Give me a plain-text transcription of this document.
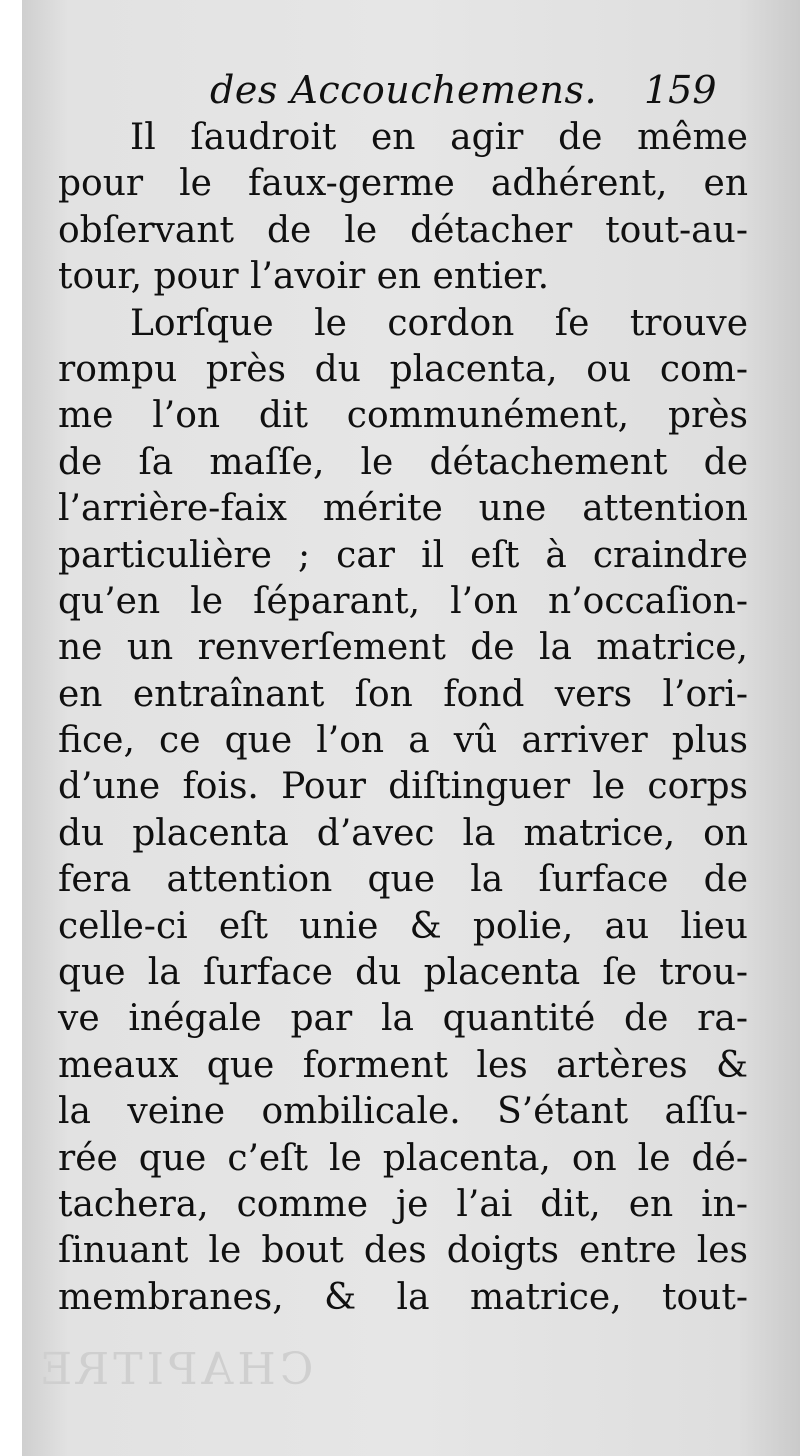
des Accouchemens. 159
Il ſaudroit en agir de même
pour le faux-germe adhérent, en
obſervant de le détacher tout-au-
tour, pour l’avoir en entier.
Lorſque le cordon ſe trouve
rompu près du placenta, ou com-
me l’on dit communément, près
de ſa maſſe, le détachement de
l’arrière-faix mérite une attention
particulière ; car il eſt à craindre
qu’en le ſéparant, l’on n’occaſion-
ne un renverſement de la matrice,
en entraînant ſon fond vers l’ori-
fice, ce que l’on a vû arriver plus
d’une fois. Pour diſtinguer le corps
du placenta d’avec la matrice, on
fera attention que la ſurface de
celle-ci eſt unie & polie, au lieu
que la ſurface du placenta ſe trou-
ve inégale par la quantité de ra-
meaux que forment les artères &
la veine ombilicale. S’étant aſſu-
rée que c’eſt le placenta, on le dé-
tachera, comme je l’ai dit, en in-
ſinuant le bout des doigts entre les
membranes, & la matrice, tout-
CHAPITRE
